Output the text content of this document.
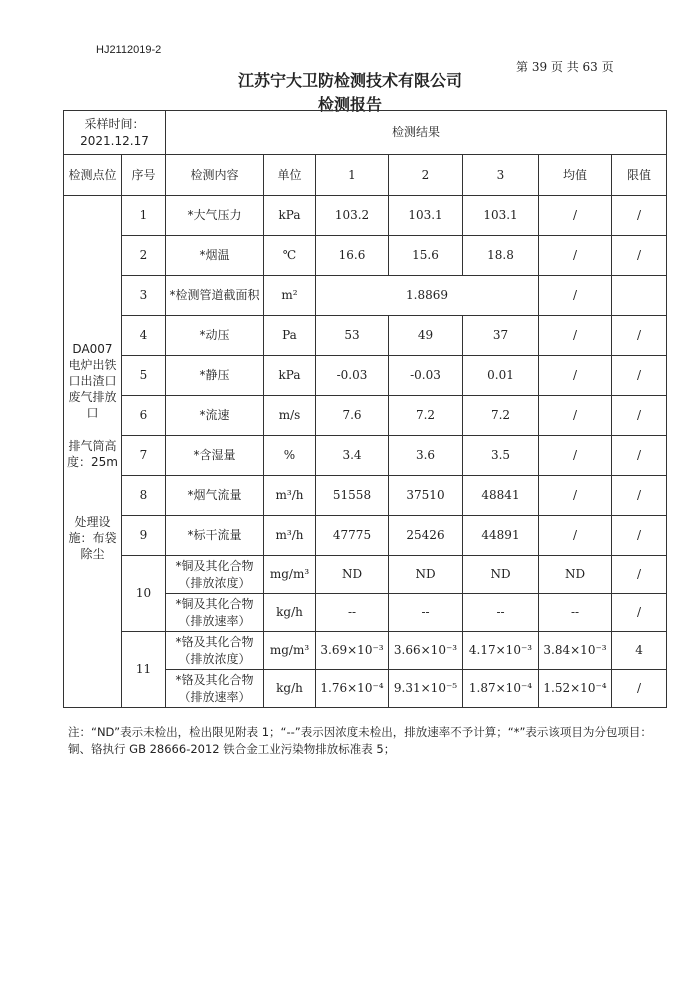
HJ2112019-2
第 39 页 共 63 页
江苏宁大卫防检测技术有限公司
检测报告
采样时间：
2021.12.17		检测结果						
检测点位	序号	检测内容	单位	1	2	3	均值	限值

DA007 电炉出铁口出渣口废气排放口
排气筒高度：25m
处理设施：布袋除尘	1	*大气压力	kPa	103.2	103.1	103.1	/	/
	2	*烟温	℃	16.6	15.6	18.8	/	/
	3	*检测管道截面积	m²	1.8869			/	
	4	*动压	Pa	53	49	37	/	/
	5	*静压	kPa	-0.03	-0.03	0.01	/	/
	6	*流速	m/s	7.6	7.2	7.2	/	/
	7	*含湿量	%	3.4	3.6	3.5	/	/
	8	*烟气流量	m³/h	51558	37510	48841	/	/
	9	*标干流量	m³/h	47775	25426	44891	/	/
	10	*铜及其化合物（排放浓度）	mg/m³	ND	ND	ND	ND	/
		*铜及其化合物（排放速率）	kg/h	--	--	--	--	/
	11	*铬及其化合物（排放浓度）	mg/m³	3.69×10⁻³	3.66×10⁻³	4.17×10⁻³	3.84×10⁻³	4
		*铬及其化合物（排放速率）	kg/h	1.76×10⁻⁴	9.31×10⁻⁵	1.87×10⁻⁴	1.52×10⁻⁴	/
注：“ND”表示未检出，检出限见附表 1；“--”表示因浓度未检出，排放速率不予计算；“*”表示该项目为分包项目：铜、铬执行 GB 28666-2012 铁合金工业污染物排放标准表 5；
